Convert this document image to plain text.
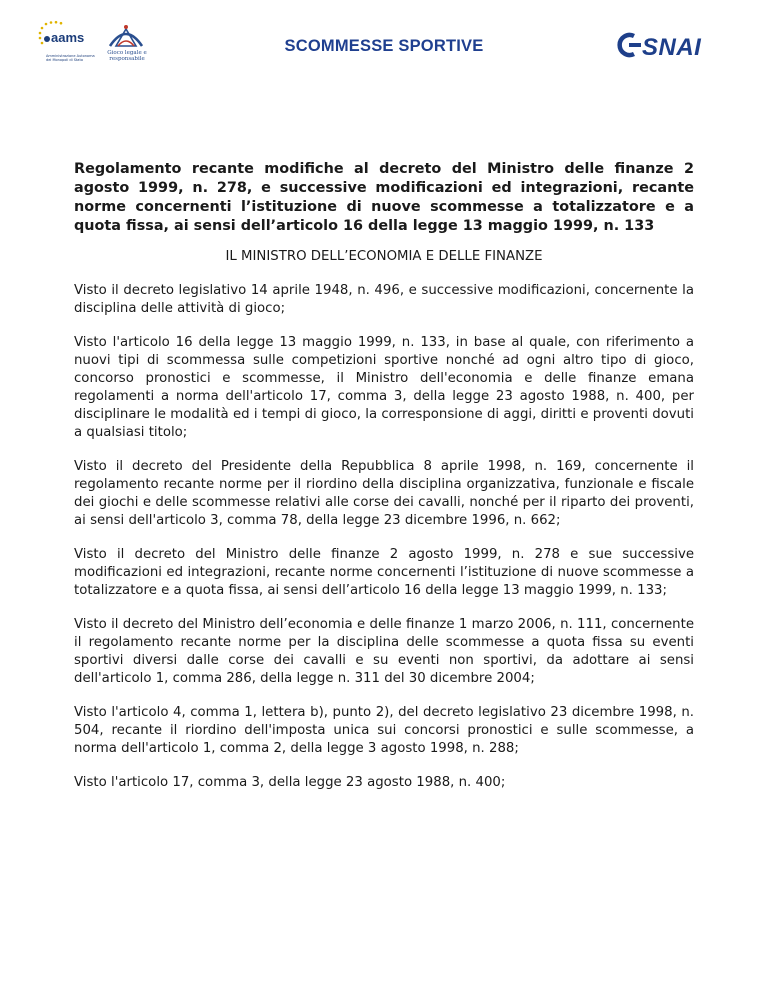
aams
Amministrazione Autonoma dei Monopoli di Stato
Gioco legale e responsabile
SCOMMESSE SPORTIVE	SNAI

Regolamento recante modifiche al decreto del Ministro delle finanze 2 agosto 1999, n. 278, e successive modificazioni ed integrazioni, recante norme concernenti l’istituzione di nuove scommesse a totalizzatore e a quota fissa, ai sensi dell’articolo 16 della legge 13 maggio 1999, n. 133

IL MINISTRO DELL’ECONOMIA E DELLE FINANZE

Visto il decreto legislativo 14 aprile 1948, n. 496, e successive modificazioni, concernente la disciplina delle attività di gioco;

Visto l'articolo 16 della legge 13 maggio 1999, n. 133, in base al quale, con riferimento a nuovi tipi di scommessa sulle competizioni sportive nonché ad ogni altro tipo di gioco, concorso pronostici e scommesse, il Ministro dell'economia e delle finanze emana regolamenti a norma dell'articolo 17, comma 3, della legge 23 agosto 1988, n. 400, per disciplinare le modalità ed i tempi di gioco, la corresponsione di aggi, diritti e proventi dovuti a qualsiasi titolo;

Visto il decreto del Presidente della Repubblica 8 aprile 1998, n. 169, concernente il regolamento recante norme per il riordino della disciplina organizzativa, funzionale e fiscale dei giochi e delle scommesse relativi alle corse dei cavalli, nonché per il riparto dei proventi, ai sensi dell'articolo 3, comma 78, della legge 23 dicembre 1996, n. 662;

Visto il decreto del Ministro delle finanze 2 agosto 1999, n. 278 e sue successive modificazioni ed integrazioni, recante norme concernenti l’istituzione di nuove scommesse a totalizzatore e a quota fissa, ai sensi dell’articolo 16 della legge 13 maggio 1999, n. 133;

Visto il decreto del Ministro dell’economia e delle finanze 1 marzo 2006, n. 111, concernente il regolamento recante norme per la disciplina delle scommesse a quota fissa su eventi sportivi diversi dalle corse dei cavalli e su eventi non sportivi, da adottare ai sensi dell'articolo 1, comma 286, della legge n. 311 del 30 dicembre 2004;

Visto l'articolo 4, comma 1, lettera b), punto 2), del decreto legislativo 23 dicembre 1998, n. 504, recante il riordino dell'imposta unica sui concorsi pronostici e sulle scommesse, a norma dell'articolo 1, comma 2, della legge 3 agosto 1998, n. 288;

Visto l'articolo 17, comma 3, della legge 23 agosto 1988, n. 400;
